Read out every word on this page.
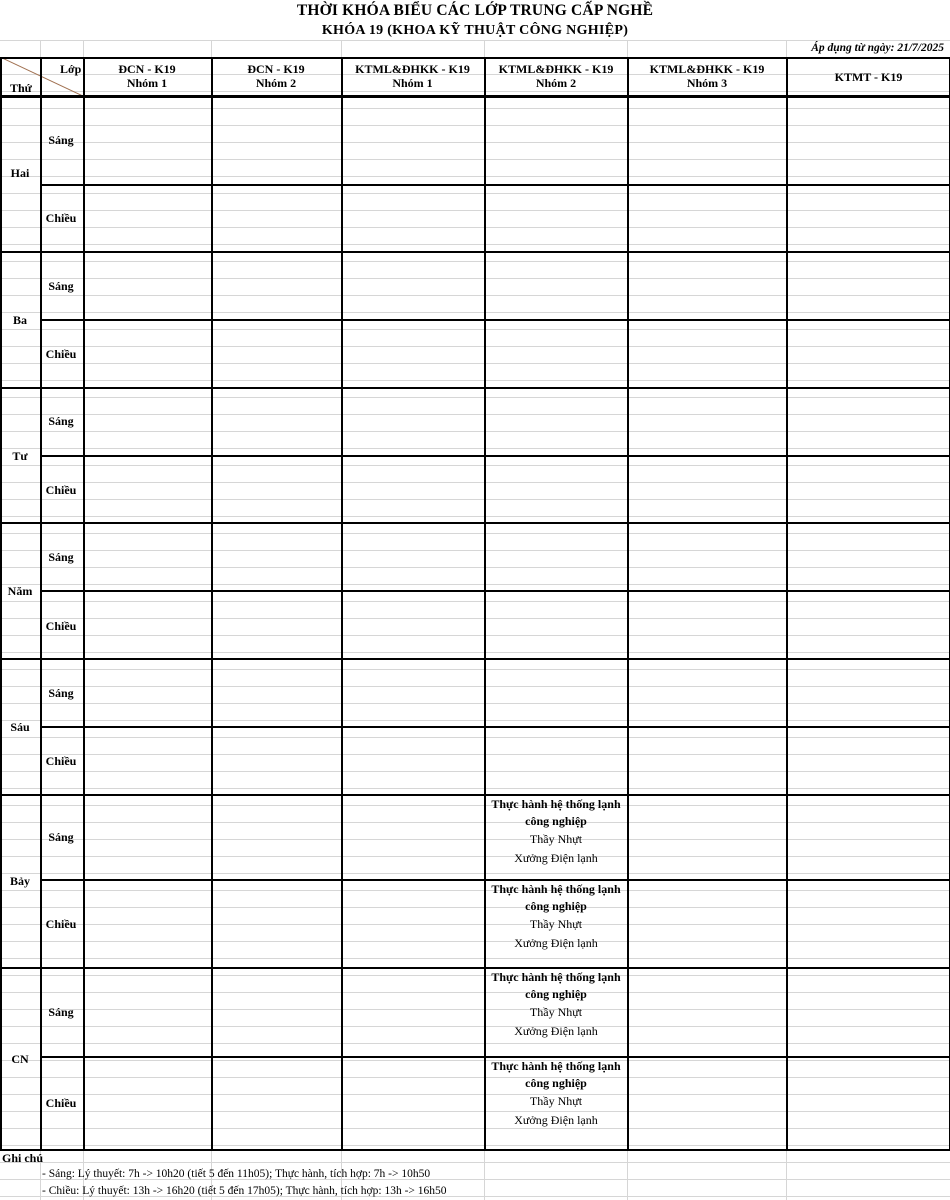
THỜI KHÓA BIỂU CÁC LỚP TRUNG CẤP NGHỀ
KHÓA 19 (KHOA KỸ THUẬT CÔNG NGHIỆP)
Áp dụng từ ngày: 21/7/2025
Lớp
Thứ
ĐCN - K19
Nhóm 1
ĐCN - K19
Nhóm 2
KTML&ĐHKK - K19
Nhóm 1
KTML&ĐHKK - K19
Nhóm 2
KTML&ĐHKK - K19
Nhóm 3	KTMT - K19
Hai
Ba
Tư
Năm
Sáu
Bảy
CN
Sáng
Chiều
Sáng
Chiều
Sáng
Chiều
Sáng
Chiều
Sáng
Chiều
Sáng
Chiều
Sáng
Chiều
Thực hành hệ thống lạnh công nghiệp
Thầy Nhựt
Xưởng Điện lạnh
Thực hành hệ thống lạnh công nghiệp
Thầy Nhựt
Xưởng Điện lạnh
Thực hành hệ thống lạnh công nghiệp
Thầy Nhựt
Xưởng Điện lạnh
Thực hành hệ thống lạnh công nghiệp
Thầy Nhựt
Xưởng Điện lạnh
Ghi chú
- Sáng: Lý thuyết: 7h -> 10h20 (tiết 5 đến 11h05); Thực hành, tích hợp: 7h -> 10h50
- Chiều: Lý thuyết: 13h -> 16h20 (tiết 5 đến 17h05); Thực hành, tích hợp: 13h -> 16h50
